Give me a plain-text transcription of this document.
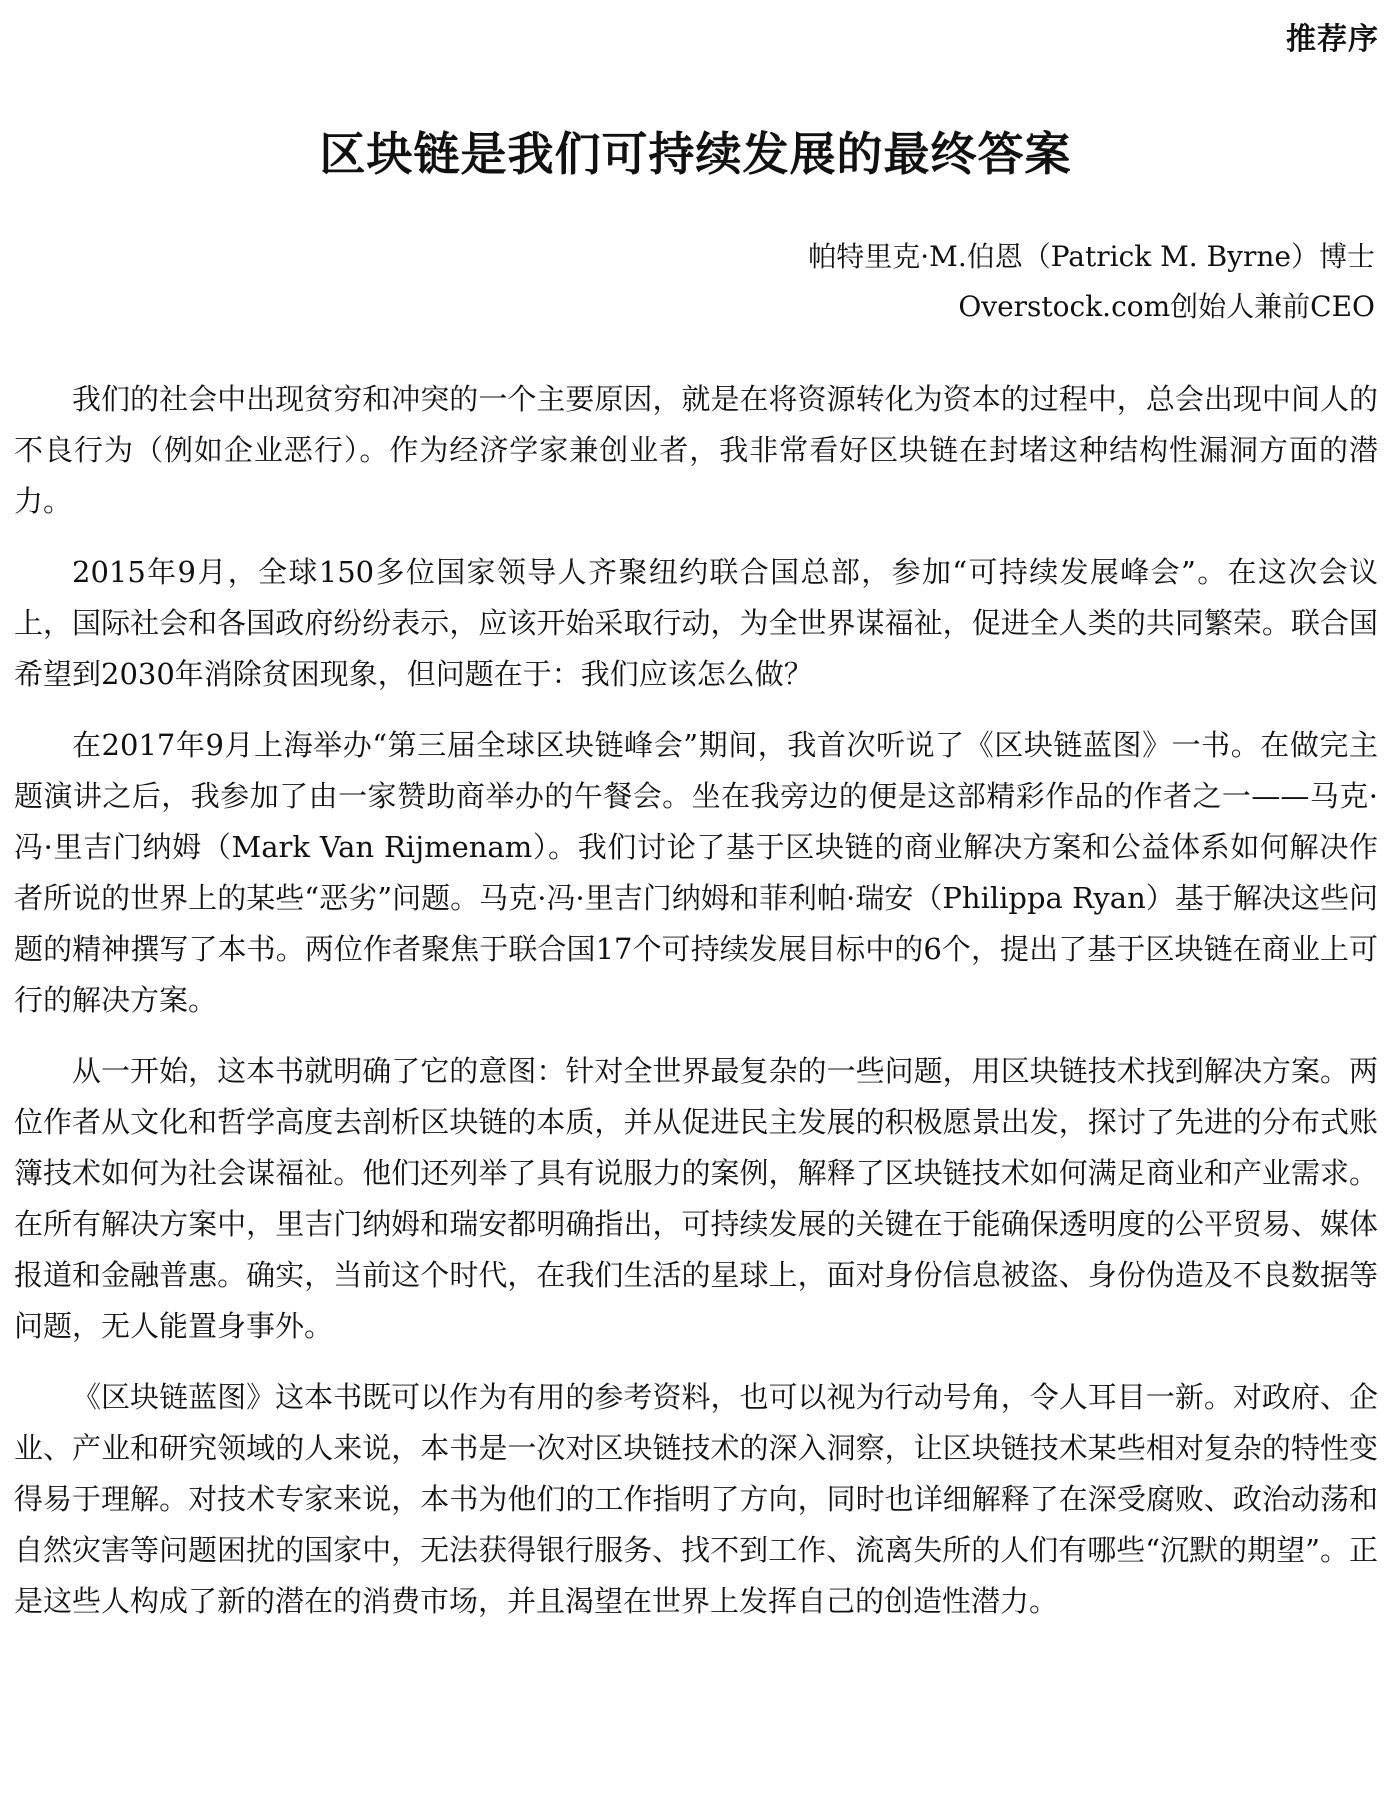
推荐序
区块链是我们可持续发展的最终答案
帕特里克·M.伯恩（Patrick M. Byrne）博士
Overstock.com创始人兼前CEO

我们的社会中出现贫穷和冲突的一个主要原因，就是在将资源转化为资本的过程中，总会出现中间人的不良行为（例如企业恶行）。作为经济学家兼创业者，我非常看好区块链在封堵这种结构性漏洞方面的潜力。

2015年9月，全球150多位国家领导人齐聚纽约联合国总部，参加“可持续发展峰会”。在这次会议上，国际社会和各国政府纷纷表示，应该开始采取行动，为全世界谋福祉，促进全人类的共同繁荣。联合国希望到2030年消除贫困现象，但问题在于：我们应该怎么做？

在2017年9月上海举办“第三届全球区块链峰会”期间，我首次听说了《区块链蓝图》一书。在做完主题演讲之后，我参加了由一家赞助商举办的午餐会。坐在我旁边的便是这部精彩作品的作者之一——马克·冯·里吉门纳姆（Mark Van Rijmenam）。我们讨论了基于区块链的商业解决方案和公益体系如何解决作者所说的世界上的某些“恶劣”问题。马克·冯·里吉门纳姆和菲利帕·瑞安（Philippa Ryan）基于解决这些问题的精神撰写了本书。两位作者聚焦于联合国17个可持续发展目标中的6个，提出了基于区块链在商业上可行的解决方案。

从一开始，这本书就明确了它的意图：针对全世界最复杂的一些问题，用区块链技术找到解决方案。两位作者从文化和哲学高度去剖析区块链的本质，并从促进民主发展的积极愿景出发，探讨了先进的分布式账簿技术如何为社会谋福祉。他们还列举了具有说服力的案例，解释了区块链技术如何满足商业和产业需求。在所有解决方案中，里吉门纳姆和瑞安都明确指出，可持续发展的关键在于能确保透明度的公平贸易、媒体报道和金融普惠。确实，当前这个时代，在我们生活的星球上，面对身份信息被盗、身份伪造及不良数据等问题，无人能置身事外。

《区块链蓝图》这本书既可以作为有用的参考资料，也可以视为行动号角，令人耳目一新。对政府、企业、产业和研究领域的人来说，本书是一次对区块链技术的深入洞察，让区块链技术某些相对复杂的特性变得易于理解。对技术专家来说，本书为他们的工作指明了方向，同时也详细解释了在深受腐败、政治动荡和自然灾害等问题困扰的国家中，无法获得银行服务、找不到工作、流离失所的人们有哪些“沉默的期望”。正是这些人构成了新的潜在的消费市场，并且渴望在世界上发挥自己的创造性潜力。
